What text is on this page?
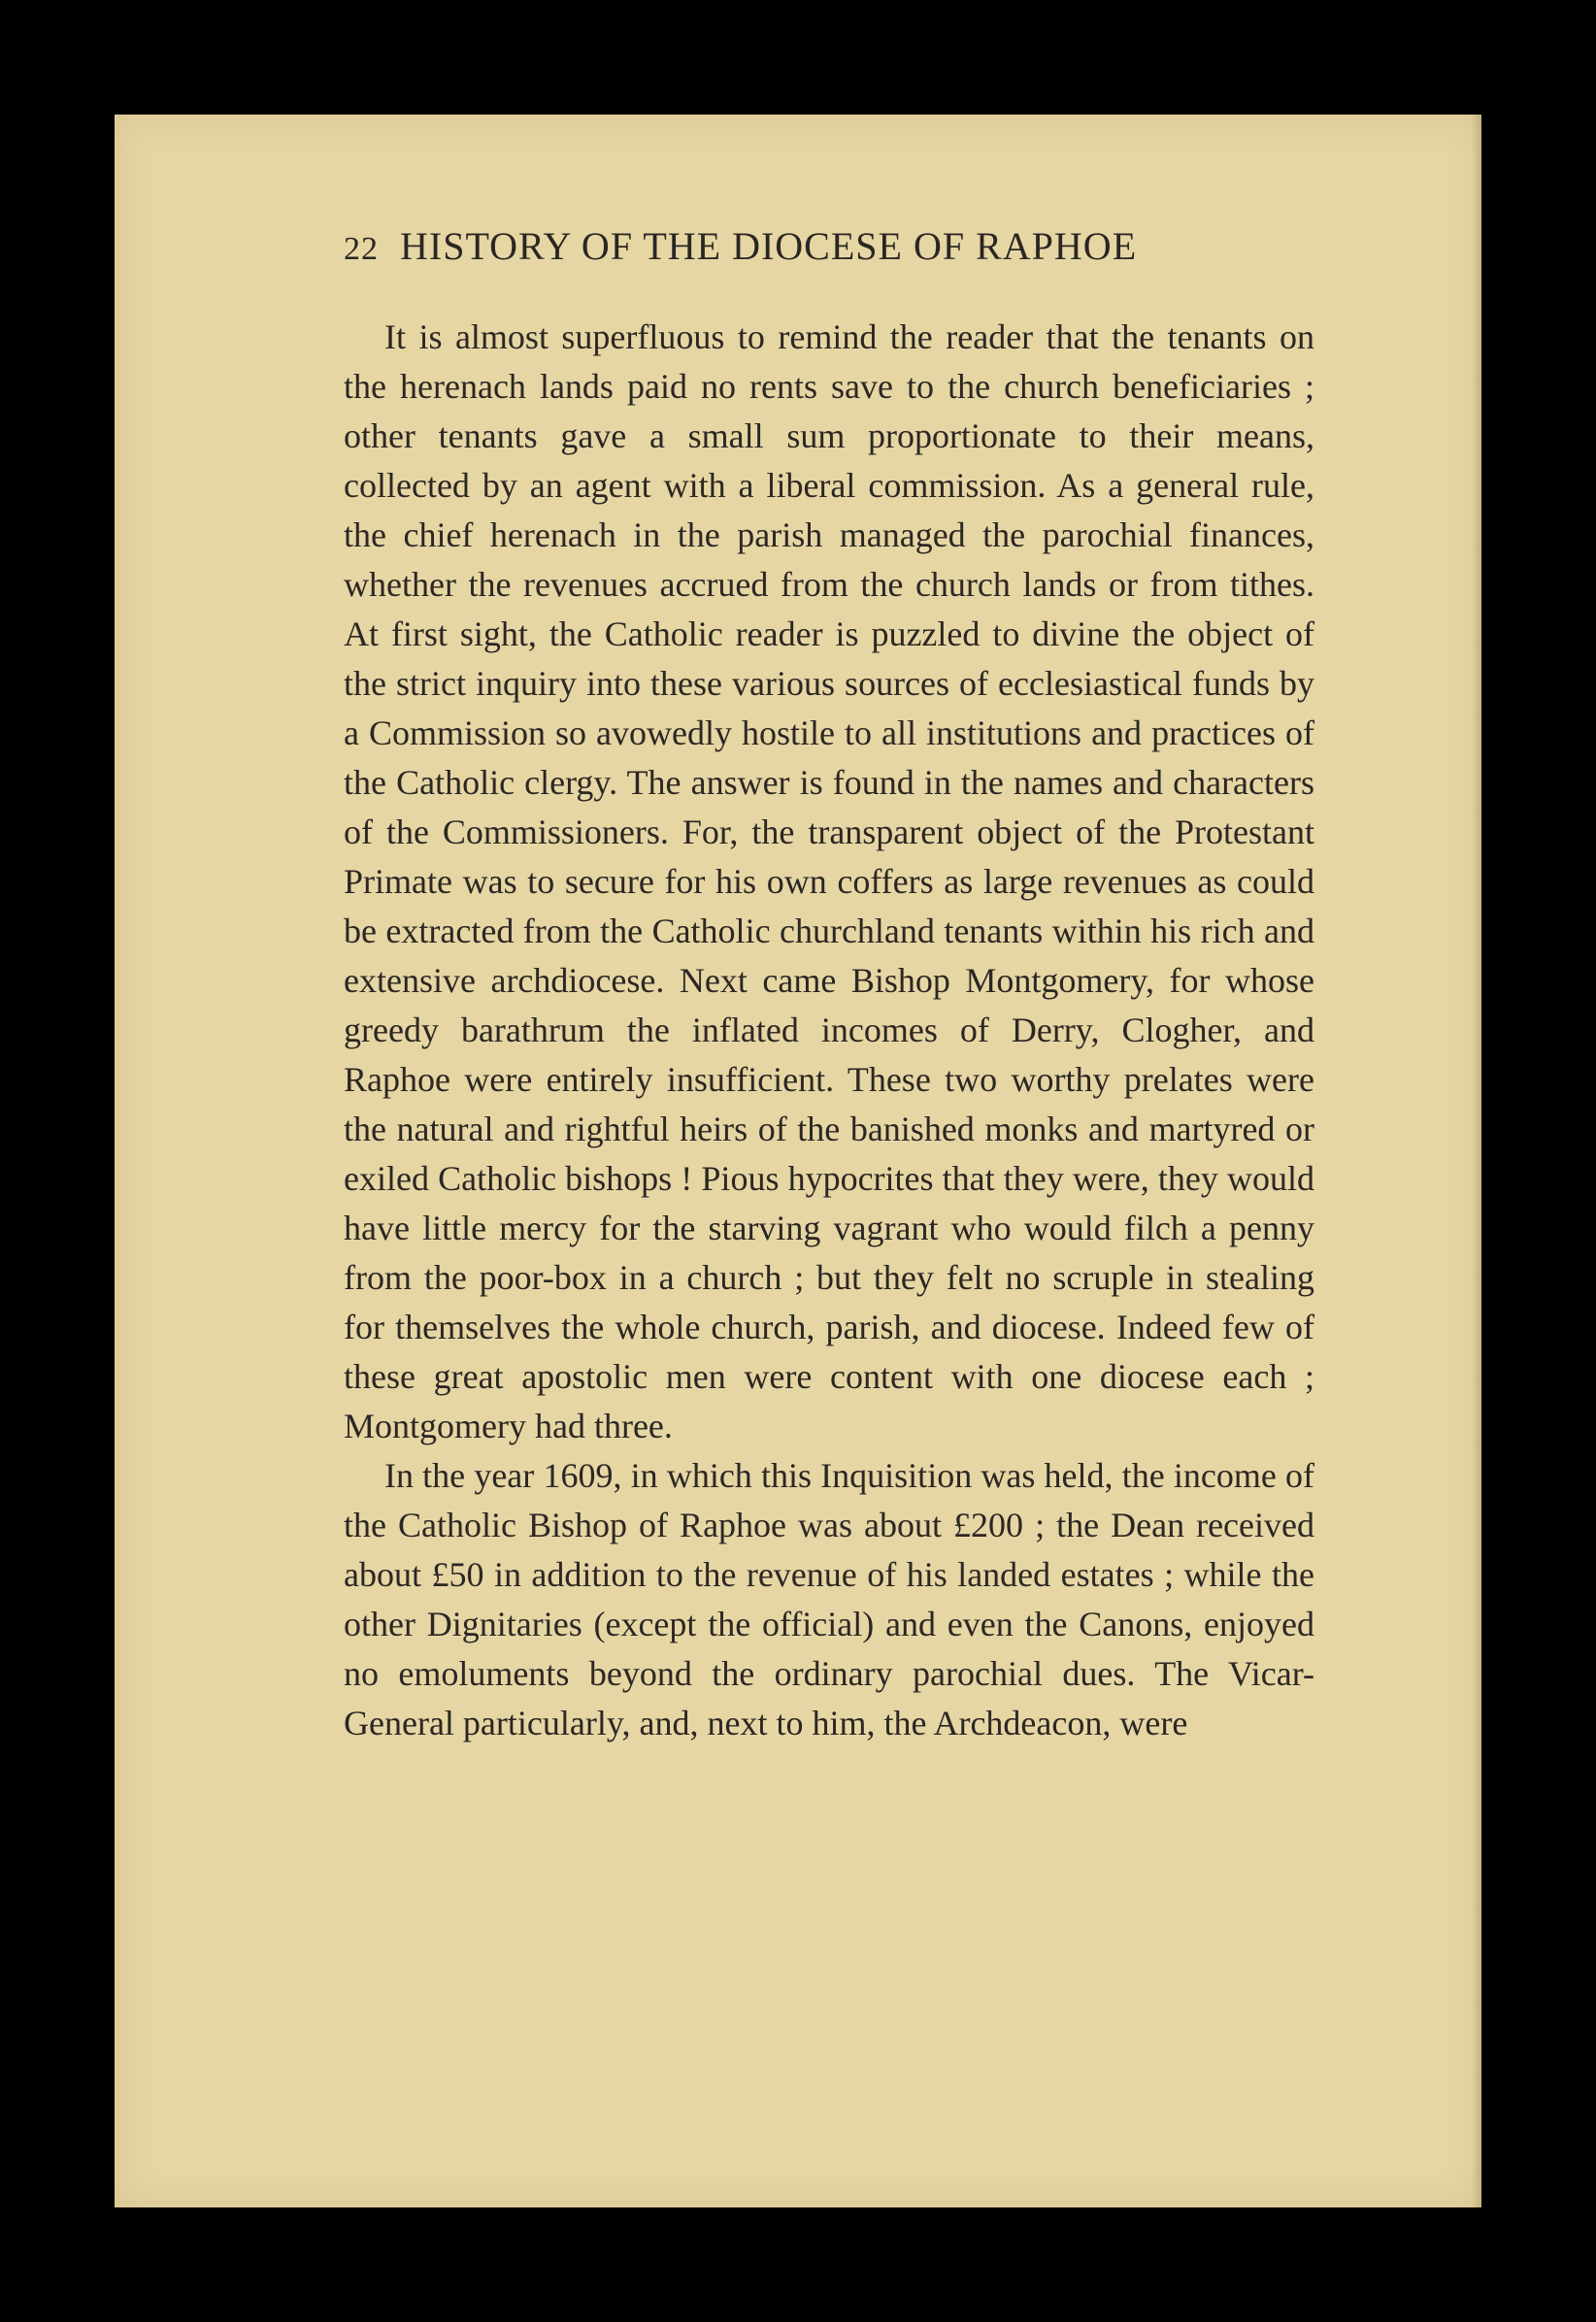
22 HISTORY OF THE DIOCESE OF RAPHOE

It is almost superfluous to remind the reader that the tenants on the herenach lands paid no rents save to the church beneficiaries ; other tenants gave a small sum proportionate to their means, collected by an agent with a liberal commission. As a general rule, the chief herenach in the parish managed the parochial finances, whether the revenues accrued from the church lands or from tithes. At first sight, the Catholic reader is puzzled to divine the object of the strict inquiry into these various sources of ecclesiastical funds by a Commission so avowedly hostile to all institutions and practices of the Catholic clergy. The answer is found in the names and characters of the Commissioners. For, the transparent object of the Protestant Primate was to secure for his own coffers as large revenues as could be extracted from the Catholic churchland tenants within his rich and extensive archdiocese. Next came Bishop Montgomery, for whose greedy barathrum the inflated incomes of Derry, Clogher, and Raphoe were entirely insufficient. These two worthy prelates were the natural and rightful heirs of the banished monks and martyred or exiled Catholic bishops ! Pious hypocrites that they were, they would have little mercy for the starving vagrant who would filch a penny from the poor-box in a church ; but they felt no scruple in stealing for themselves the whole church, parish, and diocese. Indeed few of these great apostolic men were content with one diocese each ; Montgomery had three.

In the year 1609, in which this Inquisition was held, the income of the Catholic Bishop of Raphoe was about £200 ; the Dean received about £50 in addition to the revenue of his landed estates ; while the other Dignitaries (except the official) and even the Canons, enjoyed no emoluments beyond the ordinary parochial dues. The Vicar-General particularly, and, next to him, the Archdeacon, were
